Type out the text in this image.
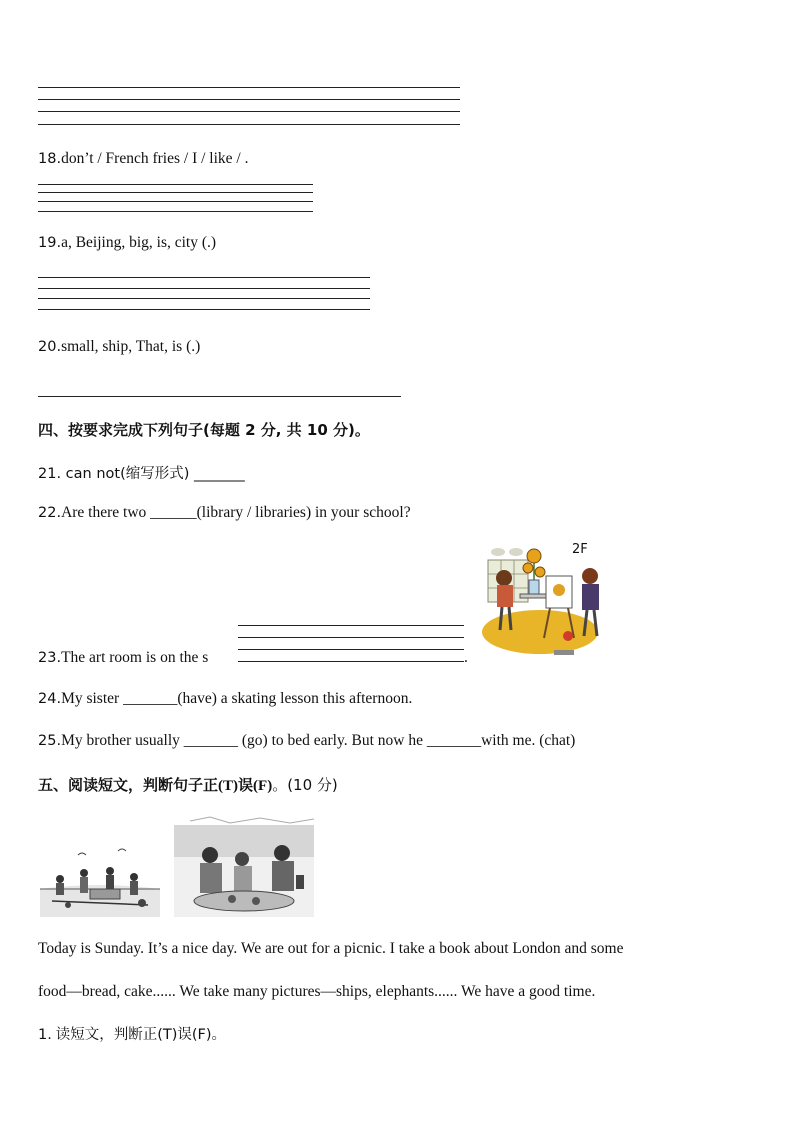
18.don’t / French fries / I / like / .
19.a, Beijing, big, is, city (.)
20.small, ship, That, is (.)
四、按要求完成下列句子(每题 2 分, 共 10 分)。
21. can not(缩写形式) _______
22.Are there two ______(library / libraries) in your school?
2F
23.The art room is on the s	.
24.My sister _______(have) a skating lesson this afternoon.
25.My brother usually _______ (go) to bed early. But now he _______with me. (chat)
五、阅读短文，判断句子正(T)误(F)。(10 分)
Today is Sunday. It’s a nice day. We are out for a picnic. I take a book about London and some
food—bread, cake...... We take many pictures—ships, elephants...... We have a good time.
1. 读短文，判断正(T)误(F)。
